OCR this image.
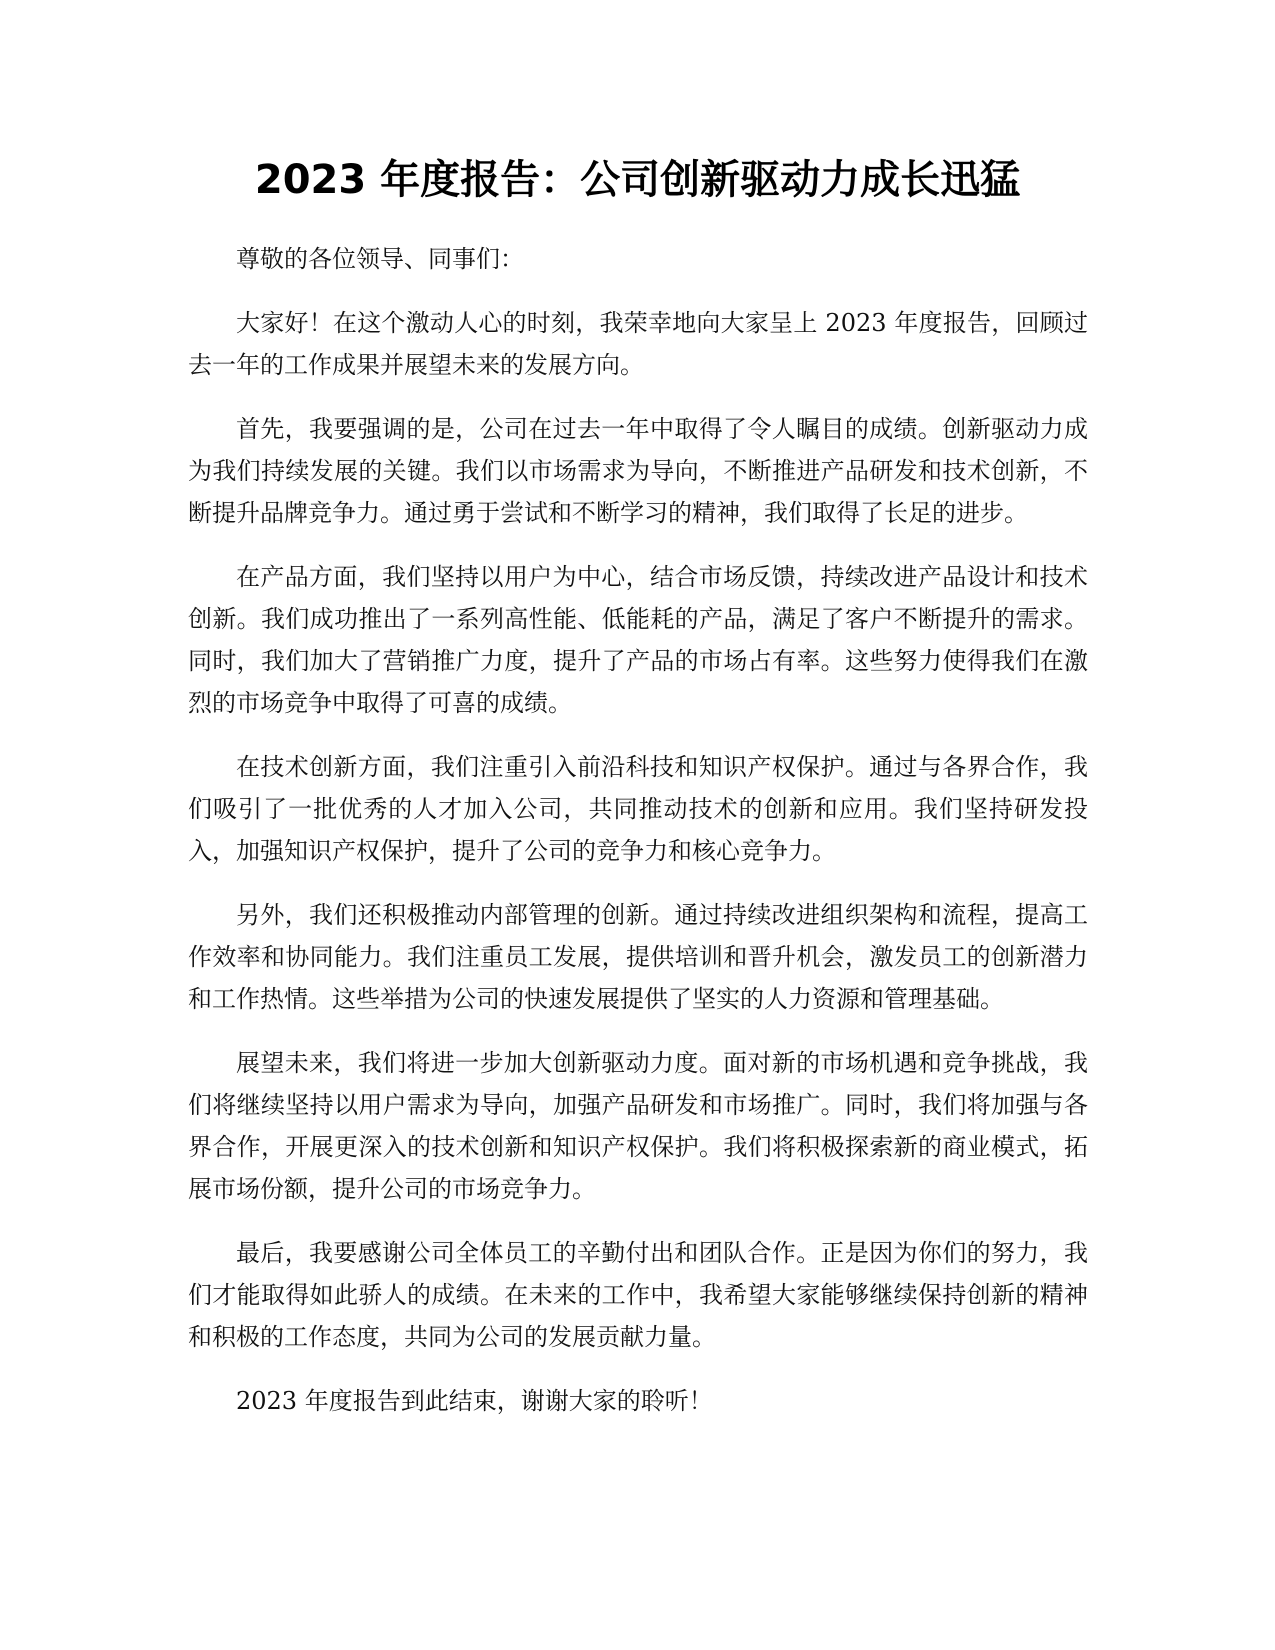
2023 年度报告：公司创新驱动力成长迅猛

尊敬的各位领导、同事们：

大家好！在这个激动人心的时刻，我荣幸地向大家呈上 2023 年度报告，回顾过去一年的工作成果并展望未来的发展方向。

首先，我要强调的是，公司在过去一年中取得了令人瞩目的成绩。创新驱动力成为我们持续发展的关键。我们以市场需求为导向，不断推进产品研发和技术创新，不断提升品牌竞争力。通过勇于尝试和不断学习的精神，我们取得了长足的进步。

在产品方面，我们坚持以用户为中心，结合市场反馈，持续改进产品设计和技术创新。我们成功推出了一系列高性能、低能耗的产品，满足了客户不断提升的需求。同时，我们加大了营销推广力度，提升了产品的市场占有率。这些努力使得我们在激烈的市场竞争中取得了可喜的成绩。

在技术创新方面，我们注重引入前沿科技和知识产权保护。通过与各界合作，我们吸引了一批优秀的人才加入公司，共同推动技术的创新和应用。我们坚持研发投入，加强知识产权保护，提升了公司的竞争力和核心竞争力。

另外，我们还积极推动内部管理的创新。通过持续改进组织架构和流程，提高工作效率和协同能力。我们注重员工发展，提供培训和晋升机会，激发员工的创新潜力和工作热情。这些举措为公司的快速发展提供了坚实的人力资源和管理基础。

展望未来，我们将进一步加大创新驱动力度。面对新的市场机遇和竞争挑战，我们将继续坚持以用户需求为导向，加强产品研发和市场推广。同时，我们将加强与各界合作，开展更深入的技术创新和知识产权保护。我们将积极探索新的商业模式，拓展市场份额，提升公司的市场竞争力。

最后，我要感谢公司全体员工的辛勤付出和团队合作。正是因为你们的努力，我们才能取得如此骄人的成绩。在未来的工作中，我希望大家能够继续保持创新的精神和积极的工作态度，共同为公司的发展贡献力量。

2023 年度报告到此结束，谢谢大家的聆听！
